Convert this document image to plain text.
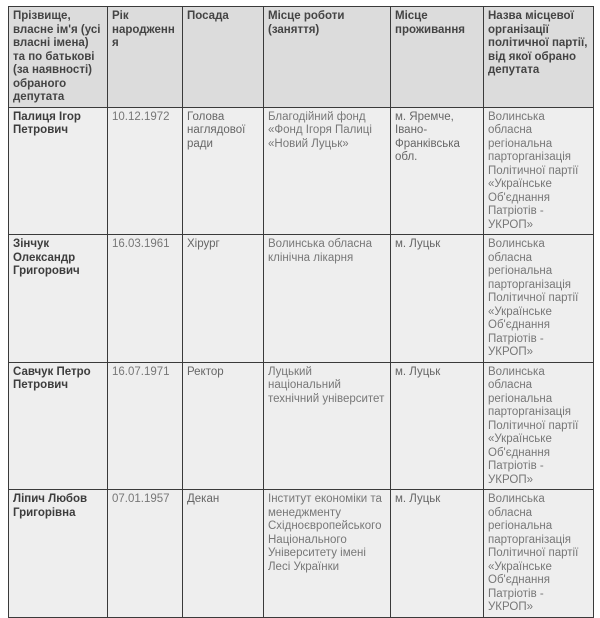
Прізвище, власне ім'я (усі власні імена) та по батькові (за наявності) обраного депутата	Рік народження	Посада	Місце роботи (заняття)	Місце проживання	Назва місцевої організації політичної партії, від якої обрано депутата
Палиця Ігор Петрович	10.12.1972	Голова наглядової ради	Благодійний фонд «Фонд Ігоря Палиці «Новий Луцьк»	м. Яремче, Івано-Франківська обл.	Волинська обласна регіональна парторганізація Політичної партії «Українське Об'єднання Патріотів - УКРОП»
Зінчук Олександр Григорович	16.03.1961	Хірург	Волинська обласна клінічна лікарня	м. Луцьк	Волинська обласна регіональна парторганізація Політичної партії «Українське Об'єднання Патріотів - УКРОП»
Савчук Петро Петрович	16.07.1971	Ректор	Луцький національний технічний університет	м. Луцьк	Волинська обласна регіональна парторганізація Політичної партії «Українське Об'єднання Патріотів - УКРОП»
Ліпич Любов Григорівна	07.01.1957	Декан	Інститут економіки та менеджменту Східноєвропейського Національного Університету імені Лесі Українки	м. Луцьк	Волинська обласна регіональна парторганізація Політичної партії «Українське Об'єднання Патріотів - УКРОП»
